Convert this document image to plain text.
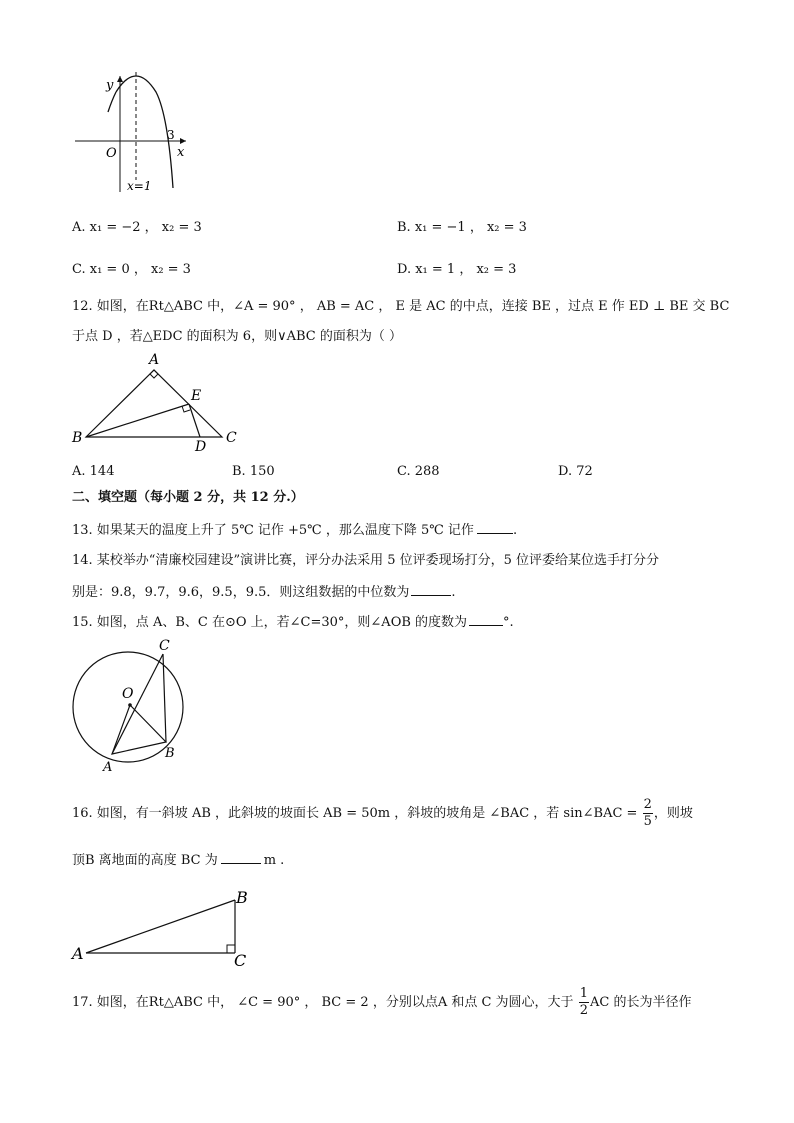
y
x
O
3
x=1
A. x₁ = −2 ， x₂ = 3	B. x₁ = −1 ， x₂ = 3
C. x₁ = 0 ， x₂ = 3	D. x₁ = 1 ， x₂ = 3
12. 如图，在Rt△ABC 中，∠A = 90° ， AB = AC ， E 是 AC 的中点，连接 BE ，过点 E 作 ED ⊥ BE 交 BC
于点 D ，若△EDC 的面积为 6，则∨ABC 的面积为（ ）
A
B	C
D
E
A. 144	B. 150	C. 288	D. 72
二、填空题（每小题 2 分，共 12 分.）
13. 如果某天的温度上升了 5℃ 记作 +5℃ ，那么温度下降 5℃ 记作	.
14. 某校举办“清廉校园建设”演讲比赛，评分办法采用 5 位评委现场打分，5 位评委给某位选手打分分
别是：9.8，9.7，9.6，9.5，9.5．则这组数据的中位数为	.
15. 如图，点 A、B、C 在⊙O 上，若∠C=30°，则∠AOB 的度数为	°.
O
A
B
C
16. 如图，有一斜坡 AB ，此斜坡的坡面长 AB = 50m ，斜坡的坡角是 ∠BAC ，若 sin∠BAC = $\frac{2}{5}$ ，则坡
顶B 离地面的高度 BC 为	m .
A
B
C
17. 如图，在Rt△ABC 中， ∠C = 90° ， BC = 2 ，分别以点A 和点 C 为圆心，大于 $\frac{1}{2}$ AC 的长为半径作
